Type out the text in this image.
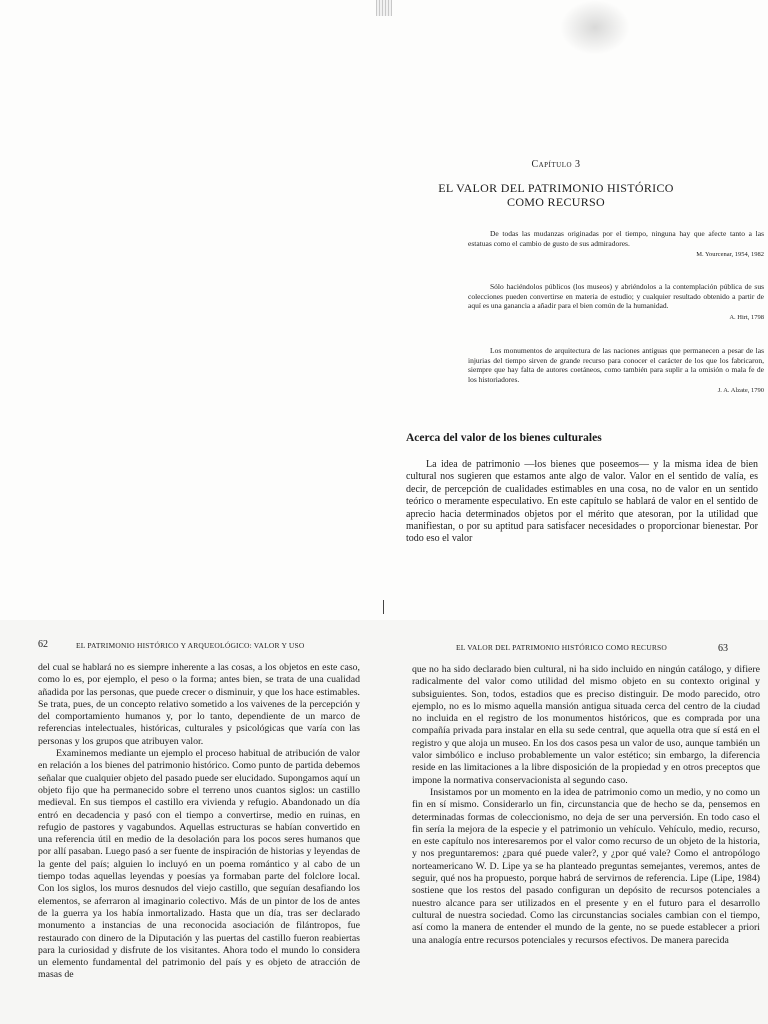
Capítulo 3
EL VALOR DEL PATRIMONIO HISTÓRICO
COMO RECURSO

De todas las mudanzas originadas por el tiempo, ninguna hay que afecte tanto a las estatuas como el cambio de gusto de sus admiradores.

M. Yourcenar, 1954, 1982

Sólo haciéndolos públicos (los museos) y abriéndolos a la contemplación pública de sus colecciones pueden convertirse en materia de estudio; y cualquier resultado obtenido a partir de aquí es una ganancia a añadir para el bien común de la humanidad.

A. Hirt, 1798

Los monumentos de arquitectura de las naciones antiguas que permanecen a pesar de las injurias del tiempo sirven de grande recurso para conocer el carácter de los que los fabricaron, siempre que hay falta de autores coetáneos, como también para suplir a la omisión o mala fe de los historiadores.

J. A. Alzate, 1790
Acerca del valor de los bienes culturales

La idea de patrimonio —los bienes que poseemos— y la misma idea de bien cultural nos sugieren que estamos ante algo de valor. Valor en el sentido de valía, es decir, de percepción de cualidades estimables en una cosa, no de valor en un sentido teórico o meramente especulativo. En este capítulo se hablará de valor en el sentido de aprecio hacia determinados objetos por el mérito que atesoran, por la utilidad que manifiestan, o por su aptitud para satisfacer necesidades o proporcionar bienestar. Por todo eso el valor

62	EL PATRIMONIO HISTÓRICO Y ARQUEOLÓGICO: VALOR Y USO

del cual se hablará no es siempre inherente a las cosas, a los objetos en este caso, como lo es, por ejemplo, el peso o la forma; antes bien, se trata de una cualidad añadida por las personas, que puede crecer o disminuir, y que los hace estimables. Se trata, pues, de un concepto relativo sometido a los vaivenes de la percepción y del comportamiento humanos y, por lo tanto, dependiente de un marco de referencias intelectuales, históricas, culturales y psicológicas que varía con las personas y los grupos que atribuyen valor.

Examinemos mediante un ejemplo el proceso habitual de atribución de valor en relación a los bienes del patrimonio histórico. Como punto de partida debemos señalar que cualquier objeto del pasado puede ser elucidado. Supongamos aquí un objeto fijo que ha permanecido sobre el terreno unos cuantos siglos: un castillo medieval. En sus tiempos el castillo era vivienda y refugio. Abandonado un día entró en decadencia y pasó con el tiempo a convertirse, medio en ruinas, en refugio de pastores y vagabundos. Aquellas estructuras se habían convertido en una referencia útil en medio de la desolación para los pocos seres humanos que por allí pasaban. Luego pasó a ser fuente de inspiración de historias y leyendas de la gente del país; alguien lo incluyó en un poema romántico y al cabo de un tiempo todas aquellas leyendas y poesías ya formaban parte del folclore local. Con los siglos, los muros desnudos del viejo castillo, que seguían desafiando los elementos, se aferraron al imaginario colectivo. Más de un pintor de los de antes de la guerra ya los había inmortalizado. Hasta que un día, tras ser declarado monumento a instancias de una reconocida asociación de filántropos, fue restaurado con dinero de la Diputación y las puertas del castillo fueron reabiertas para la curiosidad y disfrute de los visitantes. Ahora todo el mundo lo considera un elemento fundamental del patrimonio del país y es objeto de atracción de masas de

EL VALOR DEL PATRIMONIO HISTÓRICO COMO RECURSO	63

que no ha sido declarado bien cultural, ni ha sido incluido en ningún catálogo, y difiere radicalmente del valor como utilidad del mismo objeto en su contexto original y subsiguientes. Son, todos, estadios que es preciso distinguir. De modo parecido, otro ejemplo, no es lo mismo aquella mansión antigua situada cerca del centro de la ciudad no incluida en el registro de los monumentos históricos, que es comprada por una compañía privada para instalar en ella su sede central, que aquella otra que sí está en el registro y que aloja un museo. En los dos casos pesa un valor de uso, aunque también un valor simbólico e incluso probablemente un valor estético; sin embargo, la diferencia reside en las limitaciones a la libre disposición de la propiedad y en otros preceptos que impone la normativa conservacionista al segundo caso.

Insistamos por un momento en la idea de patrimonio como un medio, y no como un fin en sí mismo. Considerarlo un fin, circunstancia que de hecho se da, pensemos en determinadas formas de coleccionismo, no deja de ser una perversión. En todo caso el fin sería la mejora de la especie y el patrimonio un vehículo. Vehículo, medio, recurso, en este capítulo nos interesaremos por el valor como recurso de un objeto de la historia, y nos preguntaremos: ¿para qué puede valer?, y ¿por qué vale? Como el antropólogo norteamericano W. D. Lipe ya se ha planteado preguntas semejantes, veremos, antes de seguir, qué nos ha propuesto, porque habrá de servirnos de referencia. Lipe (Lipe, 1984) sostiene que los restos del pasado configuran un depósito de recursos potenciales a nuestro alcance para ser utilizados en el presente y en el futuro para el desarrollo cultural de nuestra sociedad. Como las circunstancias sociales cambian con el tiempo, así como la manera de entender el mundo de la gente, no se puede establecer a priori una analogía entre recursos potenciales y recursos efectivos. De manera parecida
